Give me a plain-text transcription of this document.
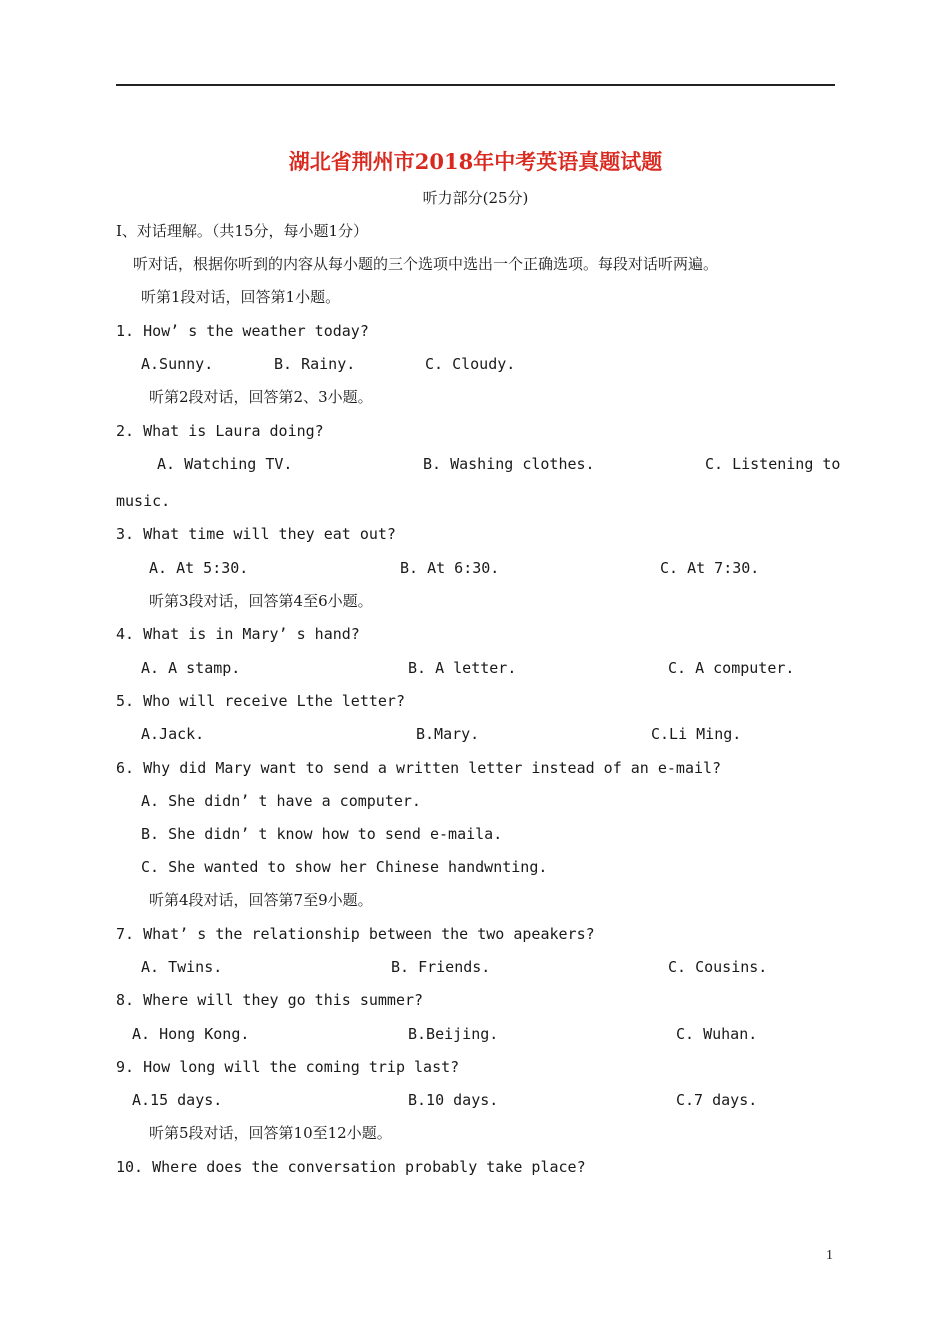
湖北省荆州市2018年中考英语真题试题
听力部分(25分)
I、对话理解。（共15分，每小题1分）
听对话，根据你听到的内容从每小题的三个选项中选出一个正确选项。每段对话听两遍。
听第1段对话，回答第1小题。
1. How’ s the weather today?
A.Sunny.	B. Rainy.	C. Cloudy.
听第2段对话，回答第2、3小题。
2. What is Laura doing?
A. Watching TV.	B. Washing clothes.	C. Listening to
music.
3. What time will they eat out?
A. At 5:30.	B. At 6:30.	C. At 7:30.
听第3段对话，回答第4至6小题。
4. What is in Mary’ s hand?
A. A stamp.	B. A letter.	C. A computer.
5. Who will receive Lthe letter?
A.Jack.	B.Mary.	C.Li Ming.
6. Why did Mary want to send a written letter instead of an e-mail?
A. She didn’ t have a computer.
B. She didn’ t know how to send e-maila.
C. She wanted to show her Chinese handwnting.
听第4段对话，回答第7至9小题。
7. What’ s the relationship between the two apeakers?
A. Twins.	B. Friends.	C. Cousins.
8. Where will they go this summer?
A. Hong Kong.	B.Beijing.	C. Wuhan.
9. How long will the coming trip last?
A.15 days.	B.10 days.	C.7 days.
听第5段对话，回答第10至12小题。
10. Where does the conversation probably take place?
1
